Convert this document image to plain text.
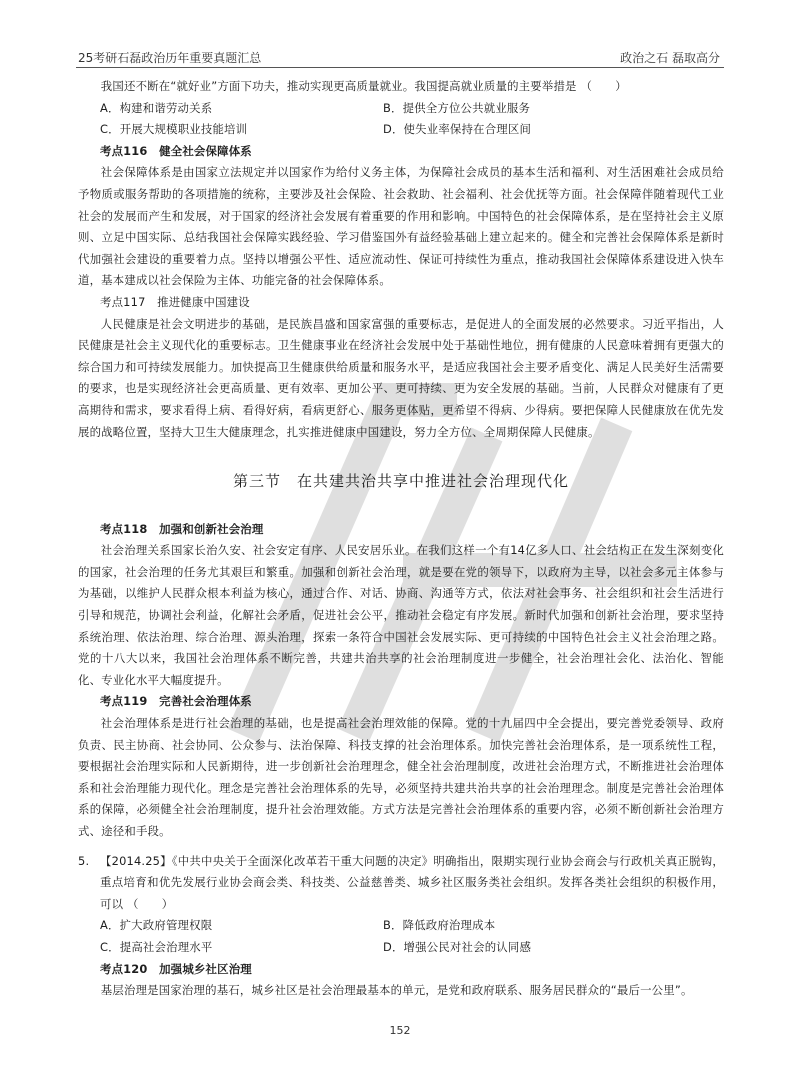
25考研石磊政治历年重要真题汇总	政治之石 磊取高分

我国还不断在“就好业”方面下功夫，推动实现更高质量就业。我国提高就业质量的主要举措是 （　　）

A．构建和谐劳动关系	B．提供全方位公共就业服务
C．开展大规模职业技能培训	D．使失业率保持在合理区间

考点116　健全社会保障体系

社会保障体系是由国家立法规定并以国家作为给付义务主体，为保障社会成员的基本生活和福利、对生活困难社会成员给予物质或服务帮助的各项措施的统称，主要涉及社会保险、社会救助、社会福利、社会优抚等方面。社会保障伴随着现代工业社会的发展而产生和发展，对于国家的经济社会发展有着重要的作用和影响。中国特色的社会保障体系，是在坚持社会主义原则、立足中国实际、总结我国社会保障实践经验、学习借鉴国外有益经验基础上建立起来的。健全和完善社会保障体系是新时代加强社会建设的重要着力点。坚持以增强公平性、适应流动性、保证可持续性为重点，推动我国社会保障体系建设进入快车道，基本建成以社会保险为主体、功能完备的社会保障体系。

考点117　推进健康中国建设

人民健康是社会文明进步的基础，是民族昌盛和国家富强的重要标志，是促进人的全面发展的必然要求。习近平指出，人民健康是社会主义现代化的重要标志。卫生健康事业在经济社会发展中处于基础性地位，拥有健康的人民意味着拥有更强大的综合国力和可持续发展能力。加快提高卫生健康供给质量和服务水平，是适应我国社会主要矛盾变化、满足人民美好生活需要的要求，也是实现经济社会更高质量、更有效率、更加公平、更可持续、更为安全发展的基础。当前，人民群众对健康有了更高期待和需求，要求看得上病、看得好病，看病更舒心、服务更体贴，更希望不得病、少得病。要把保障人民健康放在优先发展的战略位置，坚持大卫生大健康理念，扎实推进健康中国建设，努力全方位、全周期保障人民健康。

第三节　在共建共治共享中推进社会治理现代化

考点118　加强和创新社会治理

社会治理关系国家长治久安、社会安定有序、人民安居乐业。在我们这样一个有14亿多人口、社会结构正在发生深刻变化的国家，社会治理的任务尤其艰巨和繁重。加强和创新社会治理，就是要在党的领导下，以政府为主导，以社会多元主体参与为基础，以维护人民群众根本利益为核心，通过合作、对话、协商、沟通等方式，依法对社会事务、社会组织和社会生活进行引导和规范，协调社会利益，化解社会矛盾，促进社会公平，推动社会稳定有序发展。新时代加强和创新社会治理，要求坚持系统治理、依法治理、综合治理、源头治理，探索一条符合中国社会发展实际、更可持续的中国特色社会主义社会治理之路。党的十八大以来，我国社会治理体系不断完善，共建共治共享的社会治理制度进一步健全，社会治理社会化、法治化、智能化、专业化水平大幅度提升。

考点119　完善社会治理体系

社会治理体系是进行社会治理的基础，也是提高社会治理效能的保障。党的十九届四中全会提出，要完善党委领导、政府负责、民主协商、社会协同、公众参与、法治保障、科技支撑的社会治理体系。加快完善社会治理体系，是一项系统性工程，要根据社会治理实际和人民新期待，进一步创新社会治理理念，健全社会治理制度，改进社会治理方式，不断推进社会治理体系和社会治理能力现代化。理念是完善社会治理体系的先导，必须坚持共建共治共享的社会治理理念。制度是完善社会治理体系的保障，必须健全社会治理制度，提升社会治理效能。方式方法是完善社会治理体系的重要内容，必须不断创新社会治理方式、途径和手段。

5. 【2014.25】《中共中央关于全面深化改革若干重大问题的决定》明确指出，限期实现行业协会商会与行政机关真正脱钩，重点培育和优先发展行业协会商会类、科技类、公益慈善类、城乡社区服务类社会组织。发挥各类社会组织的积极作用，可以 （　　）
A．扩大政府管理权限	B．降低政府治理成本
C．提高社会治理水平	D．增强公民对社会的认同感

考点120　加强城乡社区治理

基层治理是国家治理的基石，城乡社区是社会治理最基本的单元，是党和政府联系、服务居民群众的“最后一公里”。

152
